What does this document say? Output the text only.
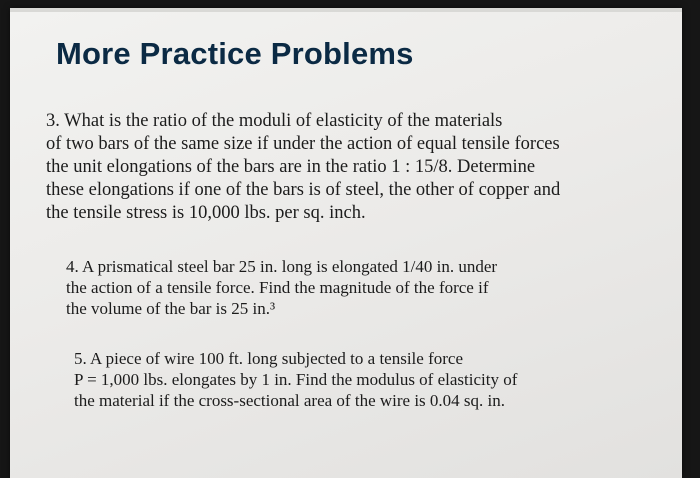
More Practice Problems

3. What is the ratio of the moduli of elasticity of the materials
of two bars of the same size if under the action of equal tensile forces
the unit elongations of the bars are in the ratio 1 : 15/8. Determine
these elongations if one of the bars is of steel, the other of copper and
the tensile stress is 10,000 lbs. per sq. inch.

4. A prismatical steel bar 25 in. long is elongated 1/40 in. under
the action of a tensile force. Find the magnitude of the force if
the volume of the bar is 25 in.³

5. A piece of wire 100 ft. long subjected to a tensile force
P = 1,000 lbs. elongates by 1 in. Find the modulus of elasticity of
the material if the cross-sectional area of the wire is 0.04 sq. in.
